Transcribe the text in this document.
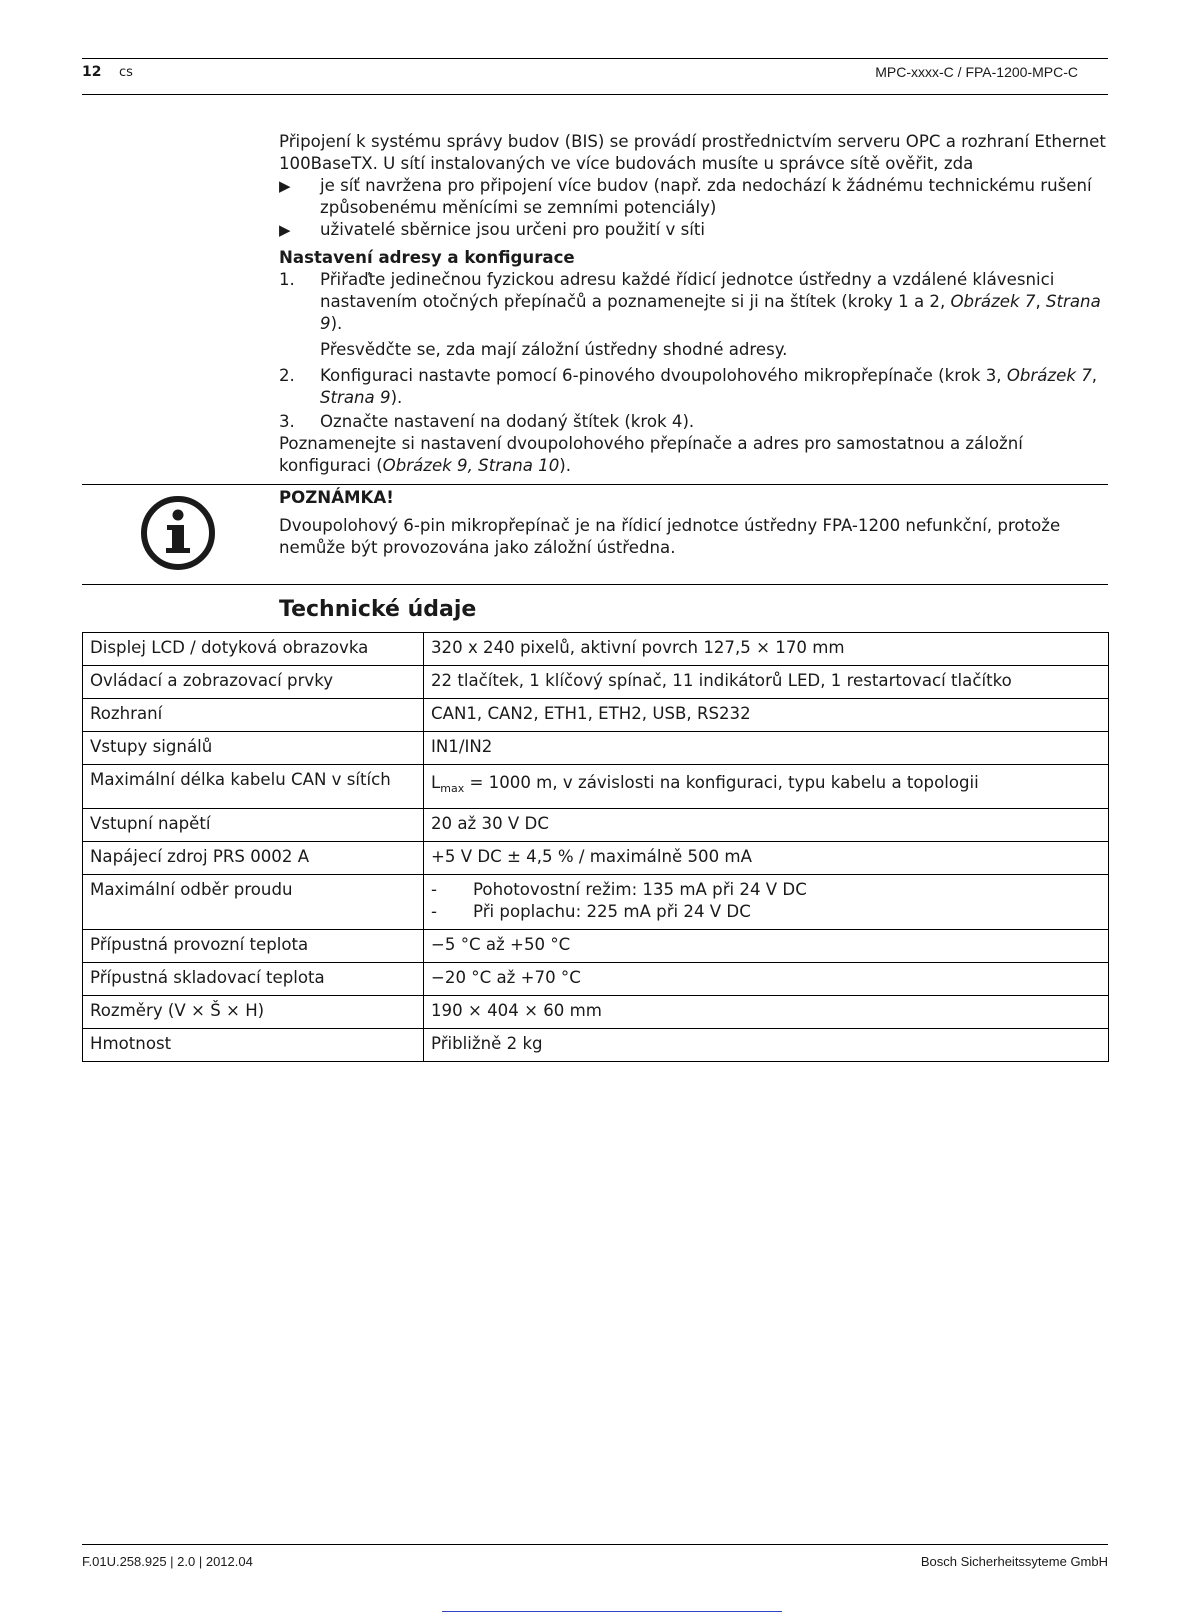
12 cs	MPC-xxxx-C / FPA-1200-MPC-C

Připojení k systému správy budov (BIS) se provádí prostřednictvím serveru OPC a rozhraní Ethernet 100BaseTX. U sítí instalovaných ve více budovách musíte u správce sítě ověřit, zda

▶	je síť navržena pro připojení více budov (např. zda nedochází k žádnému technickému rušení způsobenému měnícími se zemními potenciály)
▶	uživatelé sběrnice jsou určeni pro použití v síti

Nastavení adresy a konfigurace

1.	Přiřaďte jedinečnou fyzickou adresu každé řídicí jednotce ústředny a vzdálené klávesnici nastavením otočných přepínačů a poznamenejte si ji na štítek (kroky 1 a 2, Obrázek 7, Strana 9).
Přesvědčte se, zda mají záložní ústředny shodné adresy.
2.	Konfiguraci nastavte pomocí 6-pinového dvoupolohového mikropřepínače (krok 3, Obrázek 7, Strana 9).
3.	Označte nastavení na dodaný štítek (krok 4).

Poznamenejte si nastavení dvoupolohového přepínače a adres pro samostatnou a záložní konfiguraci (Obrázek 9, Strana 10).

POZNÁMKA!
Dvoupolohový 6-pin mikropřepínač je na řídicí jednotce ústředny FPA-1200 nefunkční, protože nemůže být provozována jako záložní ústředna.
Technické údaje
Displej LCD / dotyková obrazovka	320 x 240 pixelů, aktivní povrch 127,5 × 170 mm
Ovládací a zobrazovací prvky	22 tlačítek, 1 klíčový spínač, 11 indikátorů LED, 1 restartovací tlačítko
Rozhraní	CAN1, CAN2, ETH1, ETH2, USB, RS232
Vstupy signálů	IN1/IN2
Maximální délka kabelu CAN v sítích	$L_{max} = 1000$ m, v závislosti na konfiguraci, typu kabelu a topologii
Vstupní napětí	20 až 30 V DC
Napájecí zdroj PRS 0002 A	+5 V DC ± 4,5 % / maximálně 500 mA
Maximální odběr proudu	- Pohotovostní režim: 135 mA při 24 V DC
- Při poplachu: 225 mA při 24 V DC

Přípustná provozní teplota	−5 °C až +50 °C
Přípustná skladovací teplota	−20 °C až +70 °C
Rozměry (V × Š × H)	190 × 404 × 60 mm
Hmotnost	Přibližně 2 kg
F.01U.258.925 | 2.0 | 2012.04	Bosch Sicherheitssyteme GmbH
